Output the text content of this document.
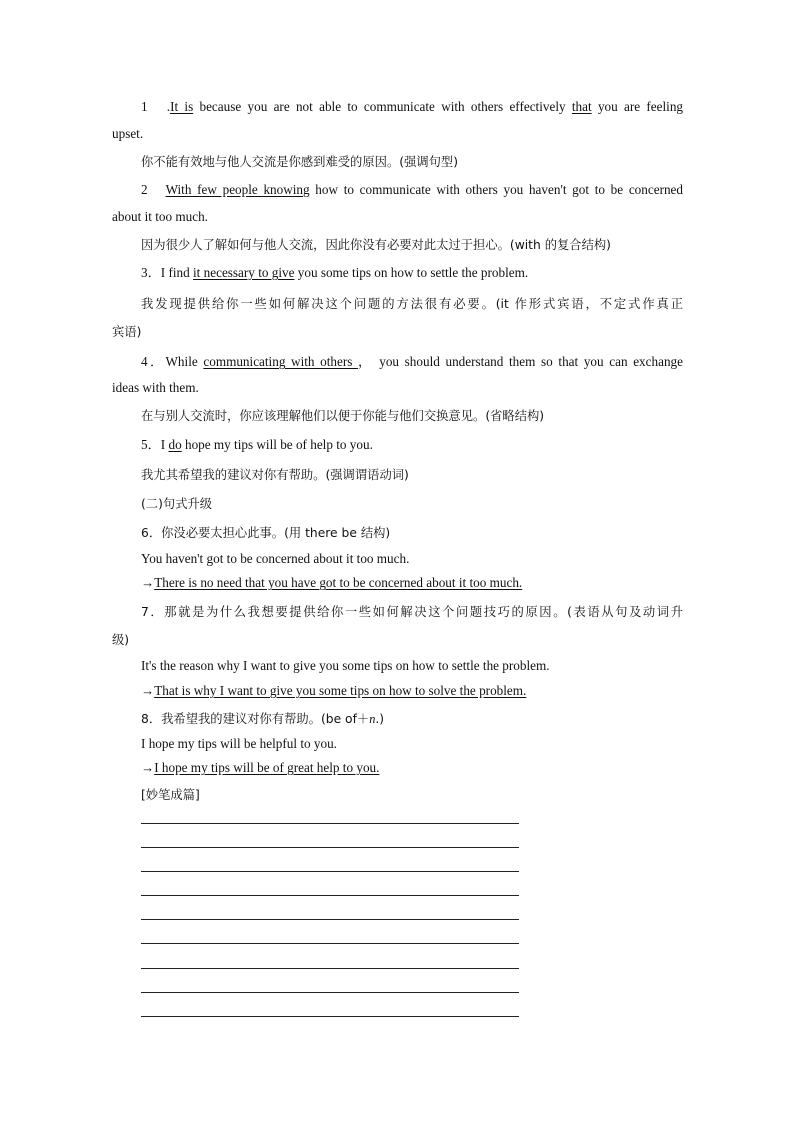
1　.It is because you are not able to communicate with others effectively that you are feeling
upset.
你不能有效地与他人交流是你感到难受的原因。(强调句型)
2　With few people knowing how to communicate with others you haven't got to be concerned
about it too much.
因为很少人了解如何与他人交流，因此你没有必要对此太过于担心。(with 的复合结构)
3．I find it necessary to give you some tips on how to settle the problem.
我发现提供给你一些如何解决这个问题的方法很有必要。(it 作形式宾语，不定式作真正
宾语)
4．While communicating with others ， you should understand them so that you can exchange
ideas with them.
在与别人交流时，你应该理解他们以便于你能与他们交换意见。(省略结构)
5．I do hope my tips will be of help to you.
我尤其希望我的建议对你有帮助。(强调谓语动词)
(二)句式升级
6．你没必要太担心此事。(用 there be 结构)
You haven't got to be concerned about it too much.
→There is no need that you have got to be concerned about it too much.
7．那就是为什么我想要提供给你一些如何解决这个问题技巧的原因。(表语从句及动词升
级)
It's the reason why I want to give you some tips on how to settle the problem.
→That is why I want to give you some tips on how to solve the problem.
8．我希望我的建议对你有帮助。(be of＋n.)
I hope my tips will be helpful to you.
→I hope my tips will be of great help to you.
[妙笔成篇]
